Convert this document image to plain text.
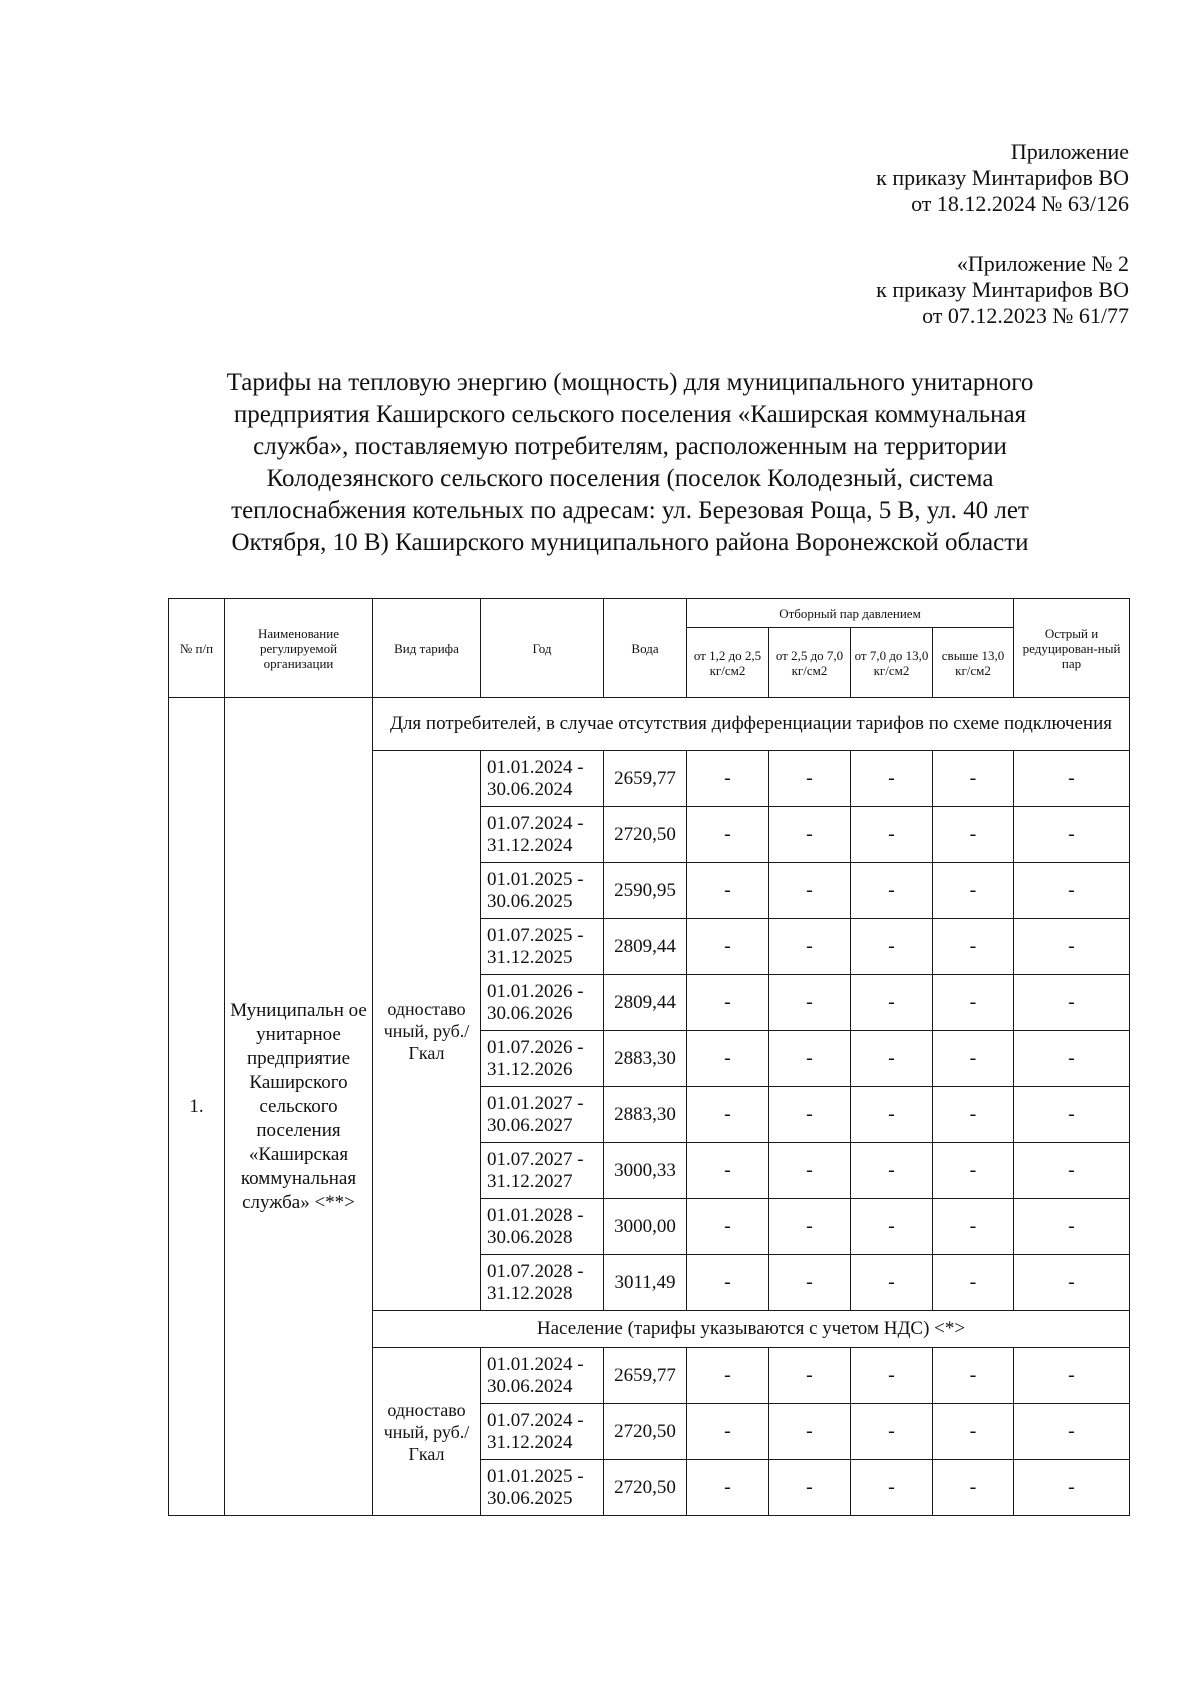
Приложение
к приказу Минтарифов ВО
от 18.12.2024 № 63/126
«Приложение № 2
к приказу Минтарифов ВО
от 07.12.2023 № 61/77
Тарифы на тепловую энергию (мощность) для муниципального унитарного
предприятия Каширского сельского поселения «Каширская коммунальная
служба», поставляемую потребителям, расположенным на территории
Колодезянского сельского поселения (поселок Колодезный, система
теплоснабжения котельных по адресам: ул. Березовая Роща, 5 В, ул. 40 лет
Октября, 10 В) Каширского муниципального района Воронежской области
№ п/п	Наименование регулируемой организации	Вид тарифа	Год	Вода	Отборный пар давлением				Острый и редуцирован-ный пар
					от 1,2 до 2,5 кг/см2	от 2,5 до 7,0 кг/см2	от 7,0 до 13,0 кг/см2	свыше 13,0 кг/см2	
1.	Муниципальн ое унитарное предприятие Каширского сельского поселения «Каширская коммунальная служба» <**>	Для потребителей, в случае отсутствия дифференциации тарифов по схеме подключения							
		одноставо чный, руб./Гкал	01.01.2024 - 30.06.2024	2659,77	-	-	-	-	-
			01.07.2024 - 31.12.2024	2720,50	-	-	-	-	-
			01.01.2025 - 30.06.2025	2590,95	-	-	-	-	-
			01.07.2025 - 31.12.2025	2809,44	-	-	-	-	-
			01.01.2026 - 30.06.2026	2809,44	-	-	-	-	-
			01.07.2026 - 31.12.2026	2883,30	-	-	-	-	-
			01.01.2027 - 30.06.2027	2883,30	-	-	-	-	-
			01.07.2027 - 31.12.2027	3000,33	-	-	-	-	-
			01.01.2028 - 30.06.2028	3000,00	-	-	-	-	-
			01.07.2028 - 31.12.2028	3011,49	-	-	-	-	-
		Население (тарифы указываются с учетом НДС) <*>							
		одноставо чный, руб./Гкал	01.01.2024 - 30.06.2024	2659,77	-	-	-	-	-
			01.07.2024 - 31.12.2024	2720,50	-	-	-	-	-
			01.01.2025 - 30.06.2025	2720,50	-	-	-	-	-
